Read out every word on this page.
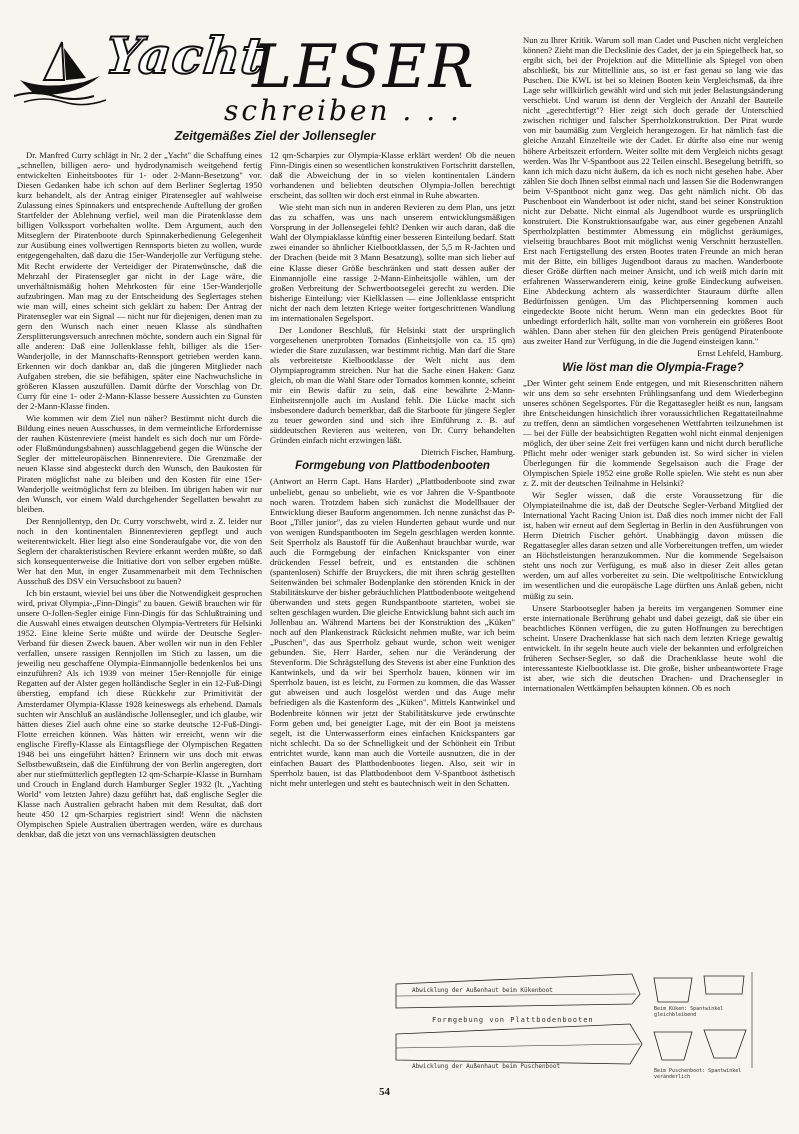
Yacht
LESER
schreiben . . .
Zeitgemäßes Ziel der Jollensegler

Dr. Manfred Curry schlägt in Nr. 2 der „Yacht" die Schaffung eines „schnellen, billigen aero- und hydrodynamisch weitgehend fertig entwickelten Einheitsbootes für 1- oder 2-Mann-Besetzung" vor. Diesen Gedanken habe ich schon auf dem Berliner Seglertag 1950 kurz behandelt, als der Antrag einiger Piratensegler auf wahlweise Zulassung eines Spinnakers und entsprechende Auftellung der großen Startfelder der Ablehnung verfiel, weil man die Piratenklasse dem billigen Volkssport vorbehalten wollte. Dem Argument, auch den Mitseglern der Piratenboote durch Spinnakerbedienung Gelegenheit zur Ausübung eines vollwertigen Rennsports bieten zu wollen, wurde entgegengehalten, daß dazu die 15er-Wanderjolle zur Verfügung stehe. Mit Recht erwiderte der Verteidiger der Piratenwünsche, daß die Mehrzahl der Piratensegler gar nicht in der Lage wäre, die unverhältnismäßig hohen Mehrkosten für eine 15er-Wanderjolle aufzubringen. Man mag zu der Entscheidung des Seglertages stehen wie man will, eines scheint sich geklärt zu haben: Der Antrag der Piratensegler war ein Signal — nicht nur für diejenigen, denen man zu gern den Wunsch nach einer neuen Klasse als sündhaften Zersplitterungsversuch anrechnen möchte, sondern auch ein Signal für alle anderen: Daß eine Jollenklasse fehlt, billiger als die 15er-Wanderjolle, in der Mannschafts-Rennsport getrieben werden kann. Erkennen wir doch dankbar an, daß die jüngeren Mitglieder nach Aufgaben streben, die sie befähigen, später eine Nachwuchsliche in größeren Klassen auszufüllen. Damit dürfte der Vorschlag von Dr. Curry für eine 1- oder 2-Mann-Klasse bessere Aussichten zu Gunsten der 2-Mann-Klasse finden.

Wie kommen wir dem Ziel nun näher? Bestimmt nicht durch die Bildung eines neuen Ausschusses, in dem vermeintliche Erfordernisse der rauhen Küstenreviere (meist handelt es sich doch nur um Förde- oder Flußmündungsbahnen) ausschlaggebend gegen die Wünsche der Segler der mitteleuropäischen Binnenreviere. Die Grenzmaße der neuen Klasse sind abgesteckt durch den Wunsch, den Baukosten für Piraten möglichst nahe zu bleiben und den Kosten für eine 15er-Wanderjolle weitmöglichst fern zu bleiben. Im übrigen haben wir nur den Wunsch, vor einem Wald durchgehender Segellatten bewahrt zu bleiben.

Der Rennjollentyp, den Dr. Curry vorschwebt, wird z. Z. leider nur noch in den kontinentalen Binnenrevieren gepflegt und auch weiterentwickelt. Hier liegt also eine Sonderaufgabe vor, die von den Seglern der charakteristischen Reviere erkannt werden müßte, so daß sich konsequenterweise die Initiative dort von selber ergeben müßte. Wer hat den Mut, in enger Zusammenarbeit mit dem Technischen Ausschuß des DSV ein Versuchsboot zu bauen?

Ich bin erstaunt, wieviel bei uns über die Notwendigkeit gesprochen wird, privat Olympia-„Finn-Dingis" zu bauen. Gewiß brauchen wir für unsere O-Jollen-Segler einige Finn-Dingis für das Schlußtraining und die Auswahl eines etwaigen deutschen Olympia-Vertreters für Helsinki 1952. Eine kleine Serie müßte und würde der Deutsche Segler-Verband für diesen Zweck bauen. Aber wollen wir nun in den Fehler verfallen, unsere rassigen Rennjollen im Stich zu lassen, um die jeweilig neu geschaffene Olympia-Einmannjolle bedenkenlos bei uns einzuführen? Als ich 1939 von meiner 15er-Rennjolle für einige Regatten auf der Alster gegen holländische Segler in ein 12-Fuß-Dingi überstieg, empfand ich diese Rückkehr zur Primitivität der Amsterdamer Olympia-Klasse 1928 keineswegs als erhebend. Damals suchten wir Anschluß an ausländische Jollensegler, und ich glaube, wir hätten dieses Ziel auch ohne eine so starke deutsche 12-Fuß-Dingi-Flotte erreichen können. Was hätten wir erreicht, wenn wir die englische Firefly-Klasse als Eintagsfliege der Olympischen Regatten 1948 bei uns eingeführt hätten? Erinnern wir uns doch mit etwas Selbstbewußtsein, daß die Einführung der von Berlin angeregten, dort aber nur stiefmütterlich gepflegten 12 qm-Scharpie-Klasse in Burnham und Crouch in England durch Hamburger Segler 1932 (lt. „Yachting World" vom letzten Jahre) dazu geführt hat, daß englische Segler die Klasse nach Australien gebracht haben mit dem Resultat, daß dort heute 450 12 qm-Scharpies registriert sind! Wenn die nächsten Olympischen Spiele Australien übertragen werden, wäre es durchaus denkbar, daß die jetzt von uns vernachlässigten deutschen

12 qm-Scharpies zur Olympia-Klasse erklärt werden! Ob die neuen Finn-Dingis einen so wesentlichen konstruktiven Fortschritt darstellen, daß die Abweichung der in so vielen kontinentalen Ländern vorhandenen und beliebten deutschen Olympia-Jollen berechtigt erscheint, das sollten wir doch erst einmal in Ruhe abwarten.

Wie steht man sich nun in anderen Revieren zu dem Plan, uns jetzt das zu schaffen, was uns nach unserem entwicklungsmäßigen Vorsprung in der Jollensegelei fehlt? Denken wir auch daran, daß die Wahl der Olympiaklasse künftig einer besseren Einteilung bedarf. Statt zwei einander so ähnlicher Kielbootklassen, der 5,5 m R-Jachten und der Drachen (beide mit 3 Mann Besatzung), sollte man sich lieber auf eine Klasse dieser Größe beschränken und statt dessen außer der Einmannjolle eine rassige 2-Mann-Einheitsjolle wählen, um der großen Verbreitung der Schwertbootsegelei gerecht zu werden. Die bisherige Einteilung: vier Kielklassen — eine Jollenklasse entspricht nicht der nach dem letzten Kriege weiter fortgeschrittenen Wandlung im internationalen Segelsport.

Der Londoner Beschluß, für Helsinki statt der ursprünglich vorgesehenen unerprobten Tornados (Einheitsjolle von ca. 15 qm) wieder die Stare zuzulassen, war bestimmt richtig. Man darf die Stare als verbreitetste Kielbootklasse der Welt nicht aus dem Olympiaprogramm streichen. Nur hat die Sache einen Haken: Ganz gleich, ob man die Wahl Stare oder Tornados kommen konnte, scheint mir ein Bewis dafür zu sein, daß eine bewährte 2-Mann-Einheitsrennjolle auch im Ausland fehlt. Die Lücke macht sich insbesondere dadurch bemerkbar, daß die Starboote für jüngere Segler zu teuer geworden sind und sich ihre Einführung z. B. auf süddeutschen Revieren aus weiteren, von Dr. Curry behandelten Gründen einfach nicht erzwingen läßt.

Dietrich Fischer, Hamburg.
Formgebung von Plattbodenbooten

(Antwort an Herrn Capt. Hans Harder) „Plattbodenboote sind zwar unbeliebt, genau so unbeliebt, wie es vor Jahren die V-Spantboote noch waren. Trotzdem haben sich zunächst die Modellbauer der Entwicklung dieser Bauform angenommen. Ich nenne zunächst das P-Boot „Tiller junior", das zu vielen Hunderten gebaut wurde und nur von wenigen Rundspantbooten im Segeln geschlagen werden konnte. Seit Sperrholz als Baustoff für die Außenhaut brauchbar wurde, war auch die Formgebung der einfachen Knickspanter von einer drückenden Fessel befreit, und es entstanden die schönen (spantenlosen) Schiffe der Bruyckers, die mit ihren schräg gestellten Seitenwänden bei schmaler Bodenplanke den störenden Knick in der Stabilitätskurve der bisher gebräuchlichen Plattbodenboote weitgehend überwanden und stets gegen Rundspantboote starteten, wobei sie selten geschlagen wurden. Die gleiche Entwicklung bahnt sich auch im Jollenbau an. Während Martens bei der Konstruktion des „Küken" noch auf den Plankenstrack Rücksicht nehmen mußte, war ich beim „Puschen", das aus Sperrholz gebaut wurde, schon weit weniger gebunden. Sie, Herr Harder, sehen nur die Veränderung der Stevenform. Die Schrägstellung des Stevens ist aber eine Funktion des Kantwinkels, und da wir bei Sperrholz bauen, können wir im Sperrholz bauen, ist es leicht, zu Formen zu kommen, die das Wasser gut abweisen und auch losgelöst werden und das Auge mehr befriedigen als die Kastenform des „Küken". Mittels Kantwinkel und Bodenbreite können wir jetzt der Stabilitätskurve jede erwünschte Form geben und, bei geneigter Lage, mit der ein Boot ja meistens segelt, ist die Unterwasserform eines einfachen Knickspanters gar nicht schlecht. Da so der Schnelligkeit und der Schönheit ein Tribut entrichtet wurde, kann man auch die Vorteile ausnutzen, die in der einfachen Bauart des Plattbodenbootes liegen. Also, seit wir in Sperrholz bauen, ist das Plattbodenboot dem V-Spantboot ästhetisch nicht mehr unterlegen und steht es bautechnisch weit in den Schatten.

Nun zu Ihrer Kritik. Warum soll man Cadet und Puschen nicht vergleichen können? Zieht man die Deckslinie des Cadet, der ja ein Spiegelheck hat, so ergibt sich, bei der Projektion auf die Mittellinie als Spiegel von oben abschließt, bis zur Mittellinie aus, so ist er fast genau so lang wie das Puschen. Die KWL ist bei so kleinen Booten kein Vergleichsmaß, da ihre Lage sehr willkürlich gewählt wird und sich mit jeder Belastungsänderung verschiebt. Und warum ist denn der Vergleich der Anzahl der Bauteile nicht „gerechtfertigt"? Hier zeigt sich doch gerade der Unterschied zwischen richtiger und falscher Sperrholzkonstruktion. Der Pirat wurde von mir baumäßig zum Vergleich herangezogen. Er hat nämlich fast die gleiche Anzahl Einzelteile wie der Cadet. Er dürfte also eine nur wenig höhere Arbeitszeit erfordern. Weiter sollte mit dem Vergleich nichts gesagt werden. Was Ihr V-Spantboot aus 22 Teilen einschl. Besegelung betrifft, so kann ich mich dazu nicht äußern, da ich es noch nicht gesehen habe. Aber zählen Sie doch Ihnen selbst einmal nach und lassen Sie die Bodenwrangen beim V-Spantboot nicht ganz weg. Das geht nämlich nicht. Ob das Puschenboot ein Wanderboot ist oder nicht, stand bei seiner Konstruktion nicht zur Debatte. Nicht einmal als Jugendboot wurde es ursprünglich konstruiert. Die Konstruktionsaufgabe war, aus einer gegebenen Anzahl Sperrholzplatten bestimmter Abmessung ein möglichst geräumiges, vielseitig brauchbares Boot mit möglichst wenig Verschnitt herzustellen. Erst nach Fertigstellung des ersten Bootes traten Freunde an mich heran mit der Bitte, ein billiges Jugendboot daraus zu machen. Wanderboote dieser Größe dürften nach meiner Ansicht, und ich weiß mich darin mit erfahrenen Wasserwanderern einig, keine große Eindeckung aufweisen. Eine Abdeckung achtern als wasserdichter Stauraum dürfte allen Bedürfnissen genügen. Um das Plichtpersenning kommen auch eingedeckte Boote nicht herum. Wenn man ein gedecktes Boot für unbedingt erforderlich hält, sollte man von vornherein ein größeres Boot wählen. Dann aber stehen für den gleichen Preis genügend Piratenboote aus zweiter Hand zur Verfügung, in die die Jugend einsteigen kann."

Ernst Lehfeld, Hamburg.
Wie löst man die Olympia-Frage?

„Der Winter geht seinem Ende entgegen, und mit Riesenschritten nähern wir uns dem so sehr ersehnten Frühlingsanfang und dem Wiederbeginn unseres schönen Segelsportes. Für die Regattasegler heißt es nun, langsam ihre Entscheidungen hinsichtlich ihrer voraussichtlichen Regattateilnahme zu treffen, denn an sämtlichen vorgesehenen Wettfahrten teilzunehmen ist — bei der Fülle der beabsichtigten Regatten wohl nicht einmal denjenigen möglich, der über seine Zeit frei verfügen kann und nicht durch berufliche Pflicht mehr oder weniger stark gebunden ist. So wird sicher in vielen Überlegungen für die kommende Segelsaison auch die Frage der Olympischen Spiele 1952 eine große Rolle spielen. Wie steht es nun aber z. Z. mit der deutschen Teilnahme in Helsinki?

Wir Segler wissen, daß die erste Voraussetzung für die Olympiateilnahme die ist, daß der Deutsche Segler-Verband Mitglied der International Yacht Racing Union ist. Daß dies noch immer nicht der Fall ist, haben wir erneut auf dem Seglertag in Berlin in den Ausführungen von Herrn Dietrich Fischer gehört. Unabhängig davon müssen die Regattasegler alles daran setzen und alle Vorbereitungen treffen, um wieder an Höchstleistungen heranzukommen. Nur die kommende Segelsaison steht uns noch zur Verfügung, es muß also in dieser Zeit alles getan werden, um auf alles vorbereitet zu sein. Die weltpolitische Entwicklung im wesentlichen und die europäische Lage dürften uns Anlaß geben, nicht müßig zu sein.

Unsere Starbootsegler haben ja bereits im vergangenen Sommer eine erste internationale Berührung gehabt und dabei gezeigt, daß sie über ein beachtliches Können verfügen, die zu guten Hoffnungen zu berechtigen scheint. Unsere Drachenklasse hat sich nach dem letzten Kriege gewaltig entwickelt. In ihr segeln heute auch viele der bekannten und erfolgreichen früheren Sechser-Segler, so daß die Drachenklasse heute wohl die interessanteste Kielbootklasse ist. Die große, bisher unbeantwortete Frage ist aber, wie sich die deutschen Drachen- und Drachensegler in internationalen Wettkämpfen behaupten können. Ob es noch

Abwicklung der Außenhaut beim Kükenboot
Formgebung von Plattbodenbooten
Abwicklung der Außenhaut beim Puschenboot
Beim Küken: Spantwinkel gleichbleibend
Beim Puschenboot: Spantwinkel veränderlich
54
